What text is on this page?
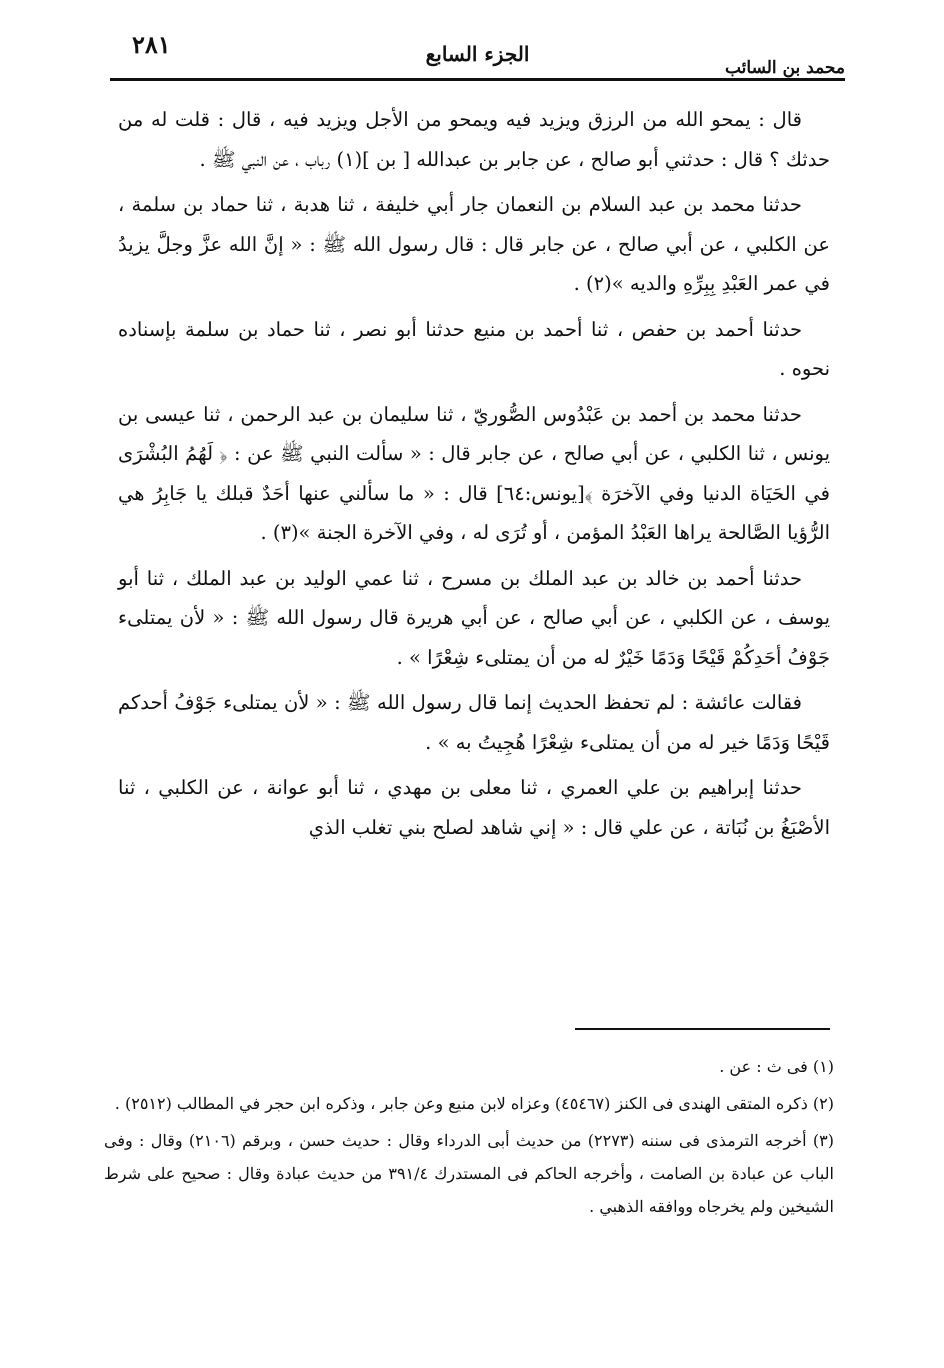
محمد بن السائب
الجزء السابع
٢٨١

قال : يمحو الله من الرزق ويزيد فيه ويمحو من الأجل ويزيد فيه ، قال : قلت له من حدثك ؟ قال : حدثني أبو صالح ، عن جابر بن عبدالله [ بن ](١) رباب ، عن النبي ﷺ .

حدثنا محمد بن عبد السلام بن النعمان جار أبي خليفة ، ثنا هدبة ، ثنا حماد بن سلمة ، عن الكلبي ، عن أبي صالح ، عن جابر قال : قال رسول الله ﷺ : « إنَّ الله عزَّ وجلَّ يزيدُ في عمر العَبْدِ بِبِرِّهِ والديه »(٢) .

حدثنا أحمد بن حفص ، ثنا أحمد بن منيع حدثنا أبو نصر ، ثنا حماد بن سلمة بإسناده نحوه .

حدثنا محمد بن أحمد بن عَبْدُوس الصُّوريّ ، ثنا سليمان بن عبد الرحمن ، ثنا عيسى بن يونس ، ثنا الكلبي ، عن أبي صالح ، عن جابر قال : « سألت النبي ﷺ عن : ﴿ لَهُمُ البُشْرَى في الحَيَاة الدنيا وفي الآخرَة ﴾[يونس:٦٤] قال : « ما سألني عنها أحَدٌ قبلك يا جَابِرُ هي الرُّؤيا الصَّالحة يراها العَبْدُ المؤمن ، أو تُرَى له ، وفي الآخرة الجنة »(٣) .

حدثنا أحمد بن خالد بن عبد الملك بن مسرح ، ثنا عمي الوليد بن عبد الملك ، ثنا أبو يوسف ، عن الكلبي ، عن أبي صالح ، عن أبي هريرة قال رسول الله ﷺ : « لأن يمتلىء جَوْفُ أحَدِكُمْ قَيْحًا وَدَمًا خَيْرٌ له من أن يمتلىء شِعْرًا » .

فقالت عائشة : لم تحفظ الحديث إنما قال رسول الله ﷺ : « لأن يمتلىء جَوْفُ أحدكم قَيْحًا وَدَمًا خير له من أن يمتلىء شِعْرًا هُجِيتُ به » .

حدثنا إبراهيم بن علي العمري ، ثنا معلى بن مهدي ، ثنا أبو عوانة ، عن الكلبي ، ثنا الأصْبَغُ بن نُبَاتة ، عن علي قال : « إني شاهد لصلح بني تغلب الذي

(١) فى ث : عن .

(٢) ذكره المتقى الهندى فى الكنز (٤٥٤٦٧) وعزاه لابن منيع وعن جابر ، وذكره ابن حجر في المطالب (٢٥١٢) .

(٣) أخرجه الترمذى فى سننه (٢٢٧٣) من حديث أبى الدرداء وقال : حديث حسن ، وبرقم (٢١٠٦) وقال : وفى الباب عن عبادة بن الصامت ، وأخرجه الحاكم فى المستدرك ٣٩١/٤ من حديث عبادة وقال : صحيح على شرط الشيخين ولم يخرجاه ووافقه الذهبي .
